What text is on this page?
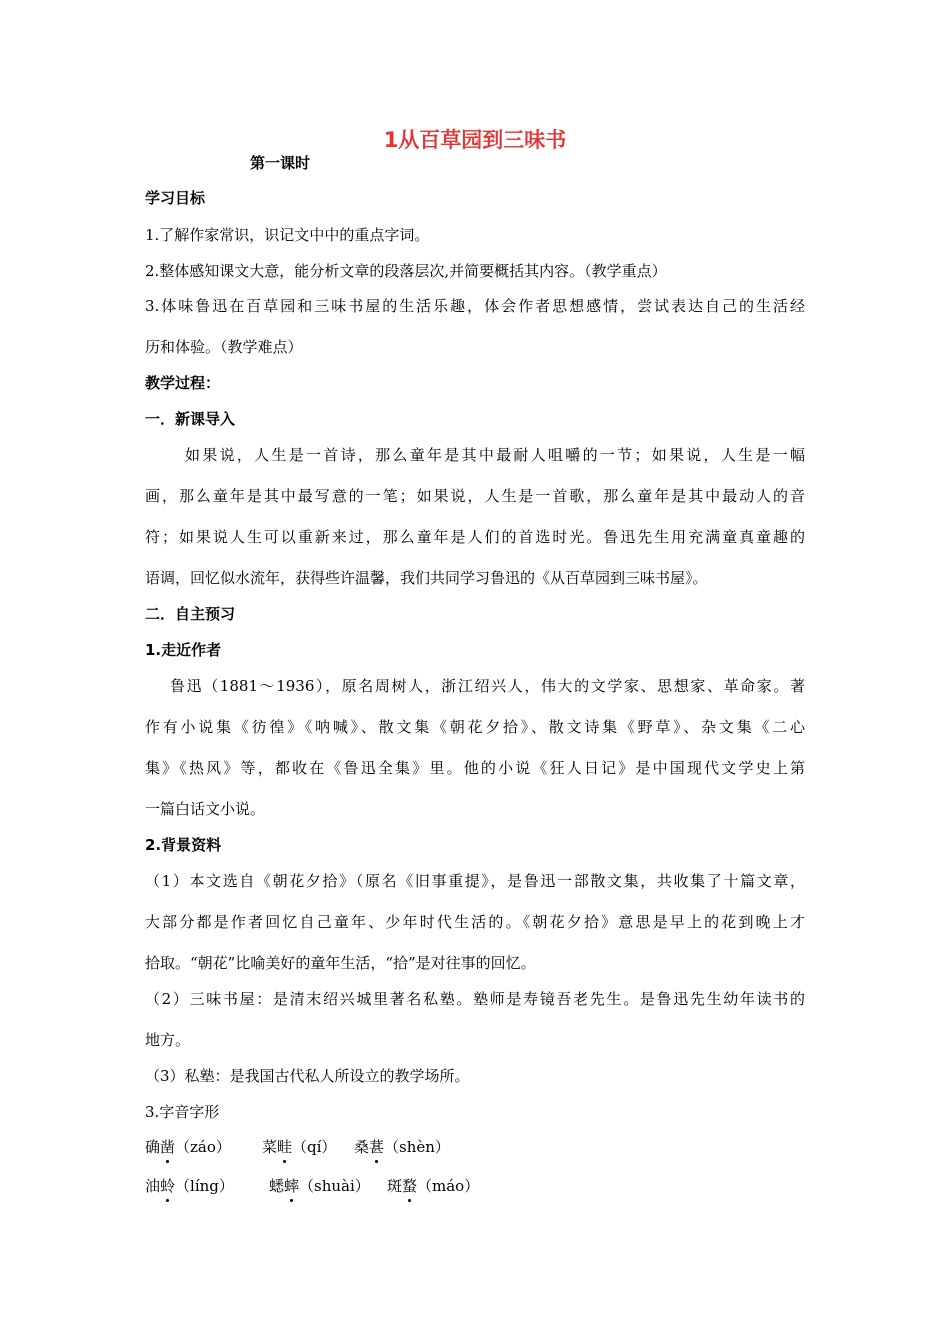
1从百草园到三味书
第一课时
学习目标
1.了解作家常识，识记文中中的重点字词。
2.整体感知课文大意，能分析文章的段落层次,并简要概括其内容。（教学重点）
3.体味鲁迅在百草园和三味书屋的生活乐趣，体会作者思想感情，尝试表达自己的生活经
历和体验。（教学难点）
教学过程：
一．新课导入
如果说，人生是一首诗，那么童年是其中最耐人咀嚼的一节；如果说，人生是一幅
画，那么童年是其中最写意的一笔；如果说，人生是一首歌，那么童年是其中最动人的音
符；如果说人生可以重新来过，那么童年是人们的首选时光。鲁迅先生用充满童真童趣的
语调，回忆似水流年，获得些许温馨，我们共同学习鲁迅的《从百草园到三味书屋》。
二．自主预习
1.走近作者
鲁迅（1881～1936），原名周树人，浙江绍兴人，伟大的文学家、思想家、革命家。著
作有小说集《彷徨》《呐喊》、散文集《朝花夕拾》、散文诗集《野草》、杂文集《二心
集》《热风》等，都收在《鲁迅全集》里。他的小说《狂人日记》是中国现代文学史上第
一篇白话文小说。
2.背景资料
（1）本文选自《朝花夕拾》（原名《旧事重提》，是鲁迅一部散文集，共收集了十篇文章，
大部分都是作者回忆自己童年、少年时代生活的。《朝花夕拾》意思是早上的花到晚上才
拾取。“朝花”比喻美好的童年生活，“拾”是对往事的回忆。
（2）三味书屋：是清末绍兴城里著名私塾。塾师是寿镜吾老先生。是鲁迅先生幼年读书的
地方。
（3）私塾：是我国古代私人所设立的教学场所。
3.字音字形
确凿
（záo） 菜畦
（qí） 桑葚
（shèn）
油蛉
（líng） 蟋蟀
（shuài） 斑蝥
（máo）
